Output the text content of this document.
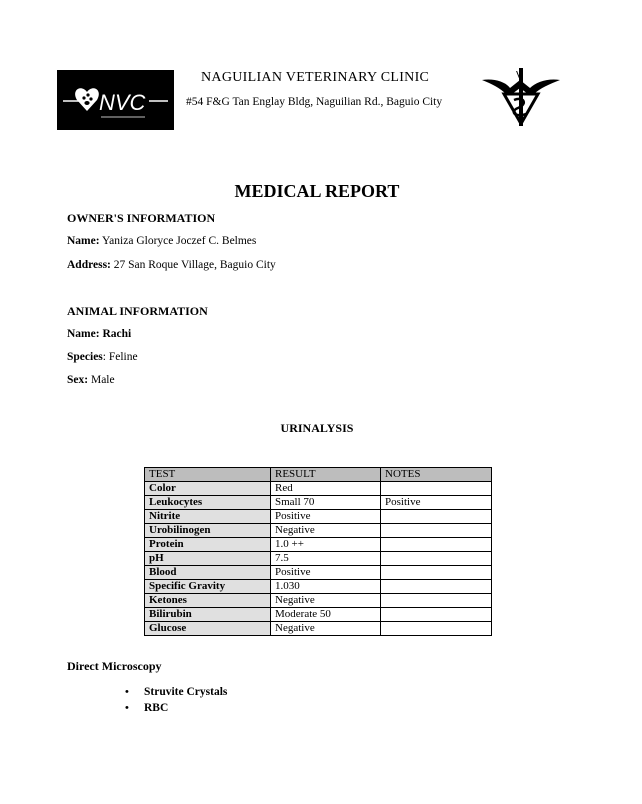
NVC
NAGUILIAN VETERINARY CLINIC
#54 F&G Tan Englay Bldg, Naguilian Rd., Baguio City
V
MEDICAL REPORT
OWNER'S INFORMATION
Name: Yaniza Gloryce Joczef C. Belmes
Address: 27 San Roque Village, Baguio City
ANIMAL INFORMATION
Name: Rachi
Species: Feline
Sex: Male
URINALYSIS
TEST	RESULT	NOTES
Color	Red	
Leukocytes	Small 70	Positive
Nitrite	Positive	
Urobilinogen	Negative	
Protein	1.0 ++	
pH	7.5	
Blood	Positive	
Specific Gravity	1.030	
Ketones	Negative	
Bilirubin	Moderate 50	
Glucose	Negative	
Direct Microscopy
• Struvite Crystals
• RBC
